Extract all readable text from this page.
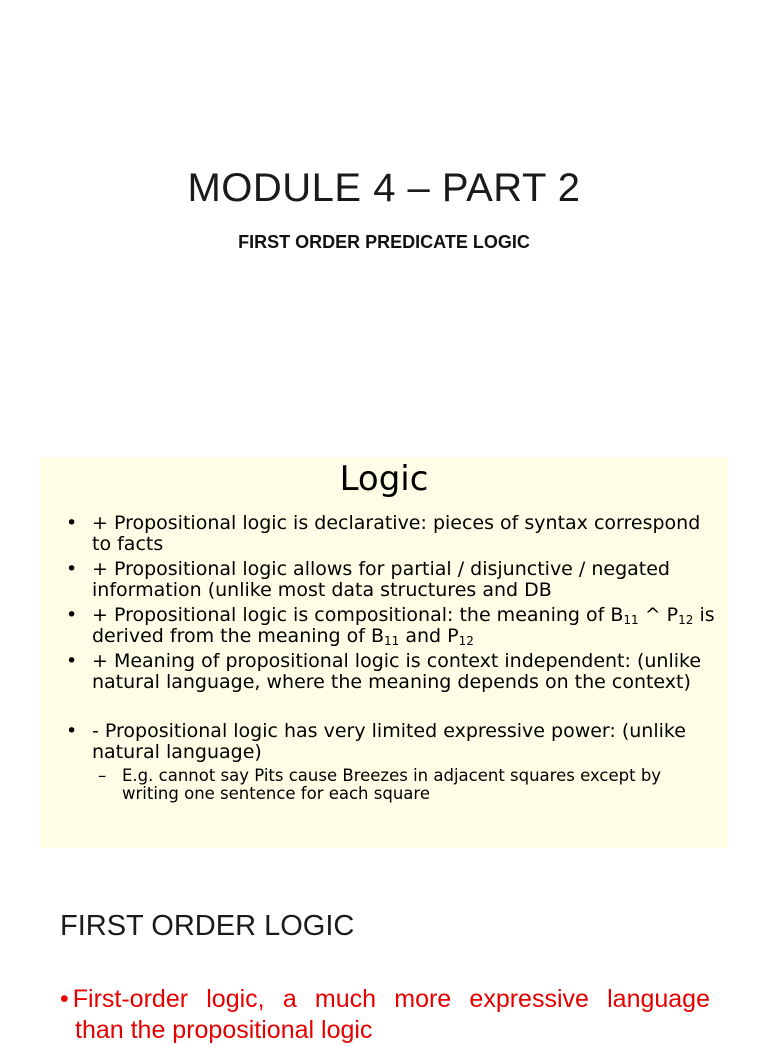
MODULE 4 – PART 2
FIRST ORDER PREDICATE LOGIC
Logic
• + Propositional logic is declarative: pieces of syntax correspond to facts
• + Propositional logic allows for partial / disjunctive / negated information (unlike most data structures and DB
• + Propositional logic is compositional: the meaning of $B_{11}$ ^ $P_{12}$ is derived from the meaning of $B_{11}$ and $P_{12}$
• + Meaning of propositional logic is context independent: (unlike natural language, where the meaning depends on the context)
• - Propositional logic has very limited expressive power: (unlike natural language)
– E.g. cannot say Pits cause Breezes in adjacent squares except by writing one sentence for each square
FIRST ORDER LOGIC
• First-order logic, a much more expressive language
than the propositional logic
